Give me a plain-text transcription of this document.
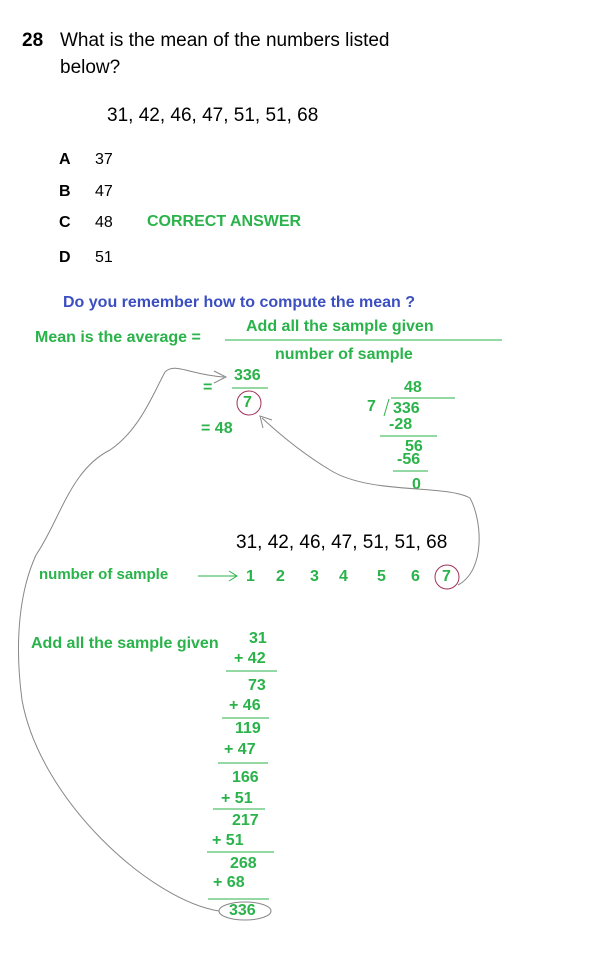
28 What is the mean of the numbers listed
below?
31, 42, 46, 47, 51, 51, 68
A 37
B 47
C 48 CORRECT ANSWER
D 51
Do you remember how to compute the mean ?
Mean is the average =
Add all the sample given
number of sample
=
336
7
= 48
48
7 336
-28
56
-56
0
31, 42, 46, 47, 51, 51, 68
number of sample	1 2 3 4 5 6 7
Add all the sample given 31
+ 42
73
+ 46
119
+ 47
166
+ 51
217
+ 51
268
+ 68
336
